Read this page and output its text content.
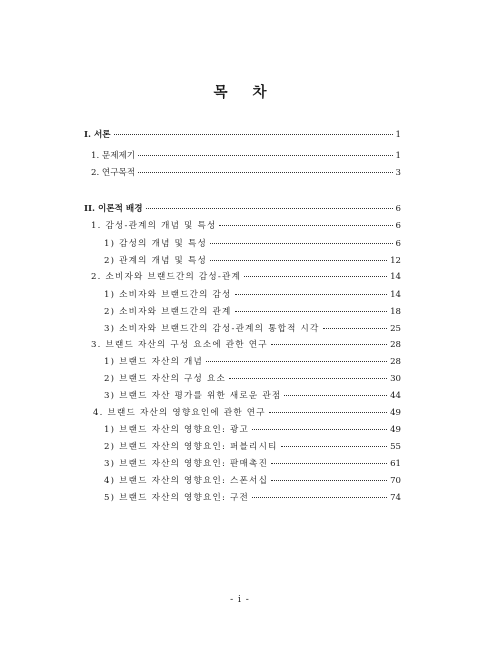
목 차
I. 서론	1
1. 문제제기	1
2. 연구목적	3
II. 이론적 배경	6
1. 감성-관계의 개념 및 특성	6
1) 감성의 개념 및 특성	6
2) 관계의 개념 및 특성	12
2. 소비자와 브랜드간의 감성-관계	14
1) 소비자와 브랜드간의 감성	14
2) 소비자와 브랜드간의 관계	18
3) 소비자와 브랜드간의 감성-관계의 통합적 시각	25
3. 브랜드 자산의 구성 요소에 관한 연구	28
1) 브랜드 자산의 개념	28
2) 브랜드 자산의 구성 요소	30
3) 브랜드 자산 평가를 위한 새로운 관점	44
4. 브랜드 자산의 영향요인에 관한 연구	49
1) 브랜드 자산의 영향요인: 광고	49
2) 브랜드 자산의 영향요인: 퍼블리시티	55
3) 브랜드 자산의 영향요인: 판매촉진	61
4) 브랜드 자산의 영향요인: 스폰서십	70
5) 브랜드 자산의 영향요인: 구전	74
- i -
